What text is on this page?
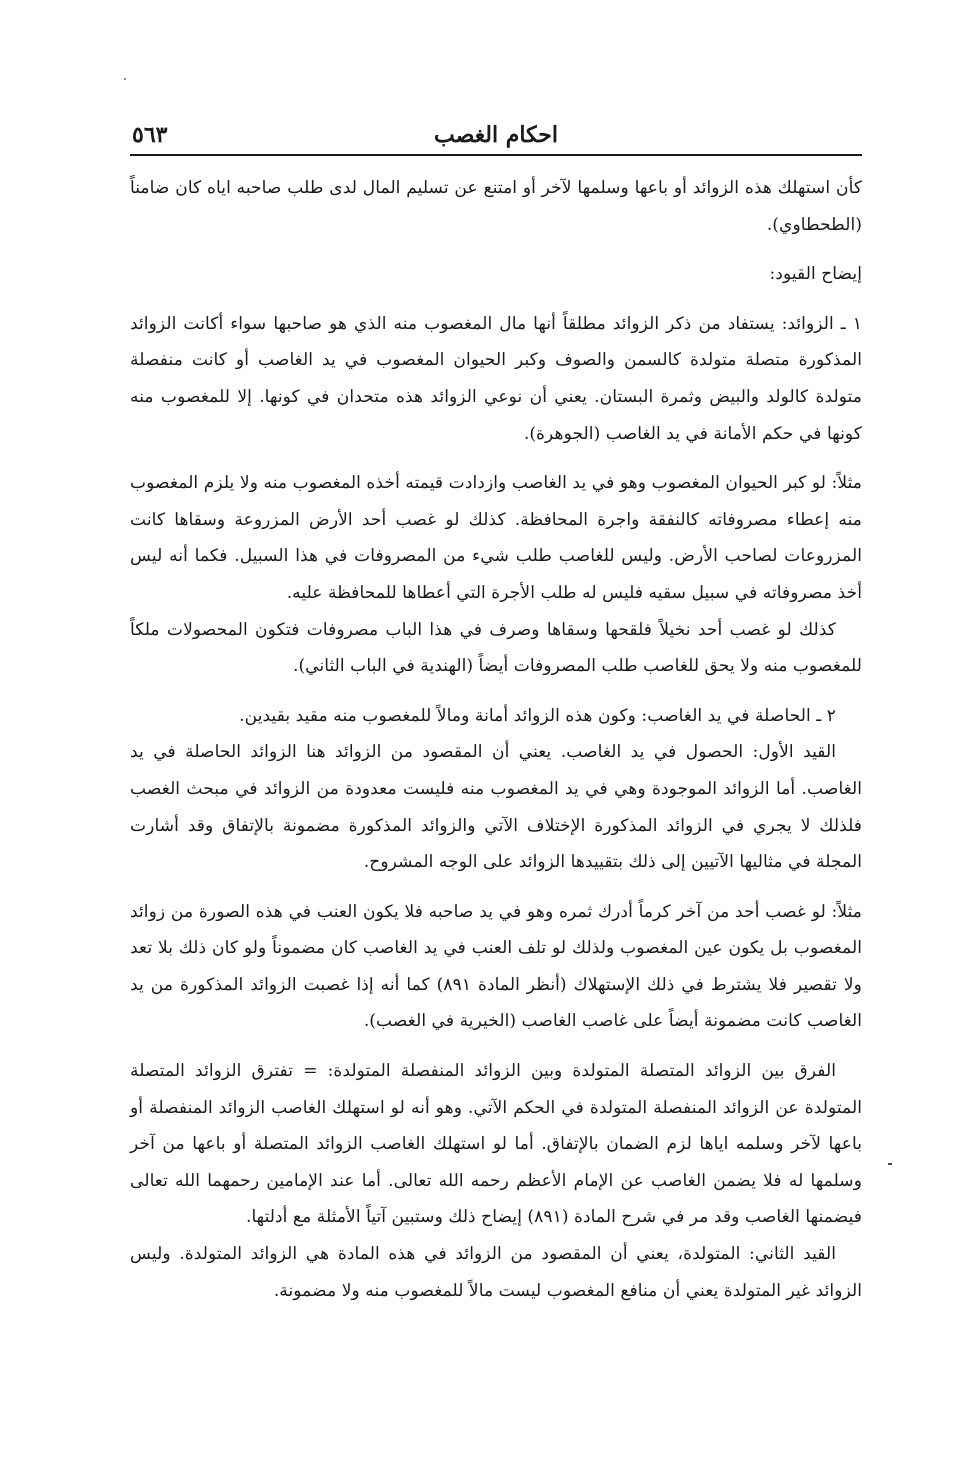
احكام الغصب
٥٦٣

كأن استهلك هذه الزوائد أو باعها وسلمها لآخر أو امتنع عن تسليم المال لدى طلب صاحبه اياه كان ضامناً (الطحطاوي).

إيضاح القيود:

١ ـ الزوائد: يستفاد من ذكر الزوائد مطلقاً أنها مال المغصوب منه الذي هو صاحبها سواء أكانت الزوائد المذكورة متصلة متولدة كالسمن والصوف وكبر الحيوان المغصوب في يد الغاصب أو كانت منفصلة متولدة كالولد والبيض وثمرة البستان. يعني أن نوعي الزوائد هذه متحدان في كونها. إلا للمغصوب منه كونها في حكم الأمانة في يد الغاصب (الجوهرة).

مثلاً: لو كبر الحيوان المغصوب وهو في يد الغاصب وازدادت قيمته أخذه المغصوب منه ولا يلزم المغصوب منه إعطاء مصروفاته كالنفقة واجرة المحافظة. كذلك لو غصب أحد الأرض المزروعة وسقاها كانت المزروعات لصاحب الأرض. وليس للغاصب طلب شيء من المصروفات في هذا السبيل. فكما أنه ليس أخذ مصروفاته في سبيل سقيه فليس له طلب الأجرة التي أعطاها للمحافظة عليه.

كذلك لو غصب أحد نخيلاً فلقحها وسقاها وصرف في هذا الباب مصروفات فتكون المحصولات ملكاً للمغصوب منه ولا يحق للغاصب طلب المصروفات أيضاً (الهندية في الباب الثاني).

٢ ـ الحاصلة في يد الغاصب: وكون هذه الزوائد أمانة ومالاً للمغصوب منه مقيد بقيدين.

القيد الأول: الحصول في يد الغاصب. يعني أن المقصود من الزوائد هنا الزوائد الحاصلة في يد الغاصب. أما الزوائد الموجودة وهي في يد المغصوب منه فليست معدودة من الزوائد في مبحث الغصب فلذلك لا يجري في الزوائد المذكورة الإختلاف الآتي والزوائد المذكورة مضمونة بالإتفاق وقد أشارت المجلة في مثاليها الآتيين إلى ذلك بتقييدها الزوائد على الوجه المشروح.

مثلاً: لو غصب أحد من آخر كرماً أدرك ثمره وهو في يد صاحبه فلا يكون العنب في هذه الصورة من زوائد المغصوب بل يكون عين المغصوب ولذلك لو تلف العنب في يد الغاصب كان مضموناً ولو كان ذلك بلا تعد ولا تقصير فلا يشترط في ذلك الإستهلاك (أنظر المادة ٨٩١) كما أنه إذا غصبت الزوائد المذكورة من يد الغاصب كانت مضمونة أيضاً على غاصب الغاصب (الخيرية في الغصب).

الفرق بين الزوائد المتصلة المتولدة وبين الزوائد المنفصلة المتولدة: = تفترق الزوائد المتصلة المتولدة عن الزوائد المنفصلة المتولدة في الحكم الآتي. وهو أنه لو استهلك الغاصب الزوائد المنفصلة أو باعها لآخر وسلمه اياها لزم الضمان بالإتفاق. أما لو استهلك الغاصب الزوائد المتصلة أو باعها من آخر وسلمها له فلا يضمن الغاصب عن الإمام الأعظم رحمه الله تعالى. أما عند الإمامين رحمهما الله تعالى فيضمنها الغاصب وقد مر في شرح المادة (٨٩١) إيضاح ذلك وستبين آتياً الأمثلة مع أدلتها.

القيد الثاني: المتولدة، يعني أن المقصود من الزوائد في هذه المادة هي الزوائد المتولدة. وليس الزوائد غير المتولدة يعني أن منافع المغصوب ليست مالاً للمغصوب منه ولا مضمونة.
